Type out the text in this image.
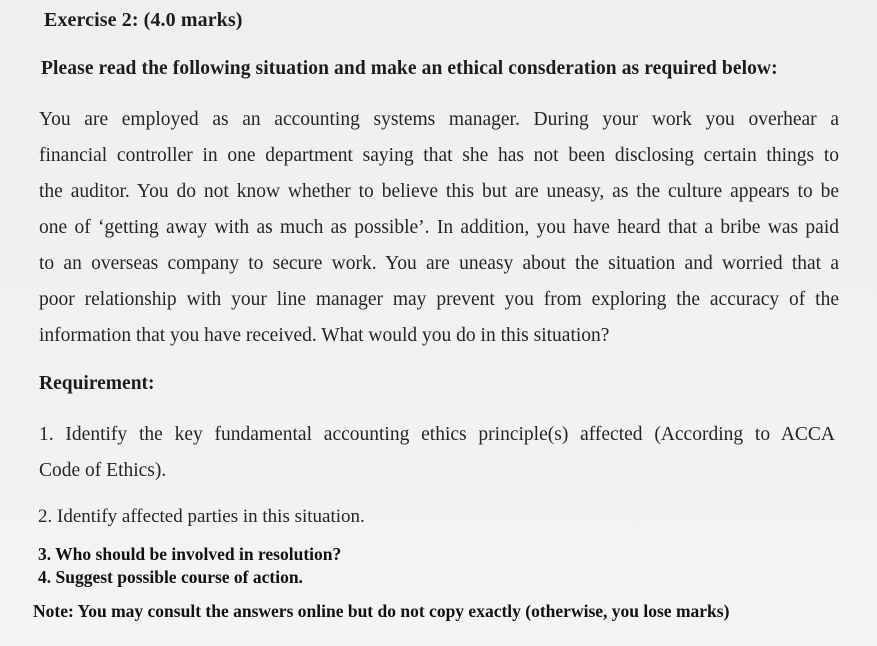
Exercise 2: (4.0 marks)
Please read the following situation and make an ethical consderation as required below:
You are employed as an accounting systems manager. During your work you overhear a
financial controller in one department saying that she has not been disclosing certain things to
the auditor. You do not know whether to believe this but are uneasy, as the culture appears to be
one of ‘getting away with as much as possible’. In addition, you have heard that a bribe was paid
to an overseas company to secure work. You are uneasy about the situation and worried that a
poor relationship with your line manager may prevent you from exploring the accuracy of the
information that you have received. What would you do in this situation?
Requirement:
1. Identify the key fundamental accounting ethics principle(s) affected (According to ACCA
Code of Ethics).
2. Identify affected parties in this situation.
3. Who should be involved in resolution?
4. Suggest possible course of action.
Note: You may consult the answers online but do not copy exactly (otherwise, you lose marks)
